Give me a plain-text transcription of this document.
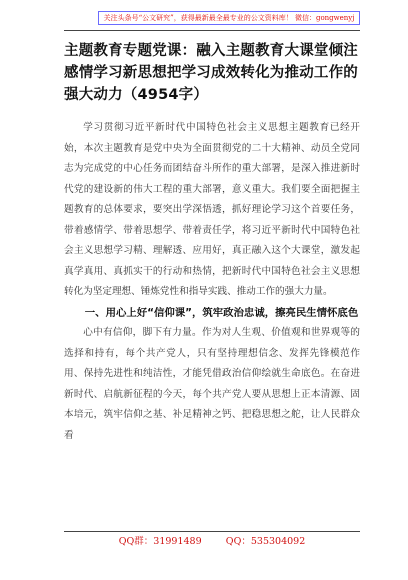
关注头条号“公文研究”，获得最新最全最专业的公文资料库！ 微信：gongwenyj
主题教育专题党课：融入主题教育大课堂倾注感情学习新思想把学习成效转化为推动工作的强大动力（4954字）

学习贯彻习近平新时代中国特色社会主义思想主题教育已经开始，本次主题教育是党中央为全面贯彻党的二十大精神、动员全党同志为完成党的中心任务而团结奋斗所作的重大部署，是深入推进新时代党的建设新的伟大工程的重大部署，意义重大。我们要全面把握主题教育的总体要求，要突出学深悟透，抓好理论学习这个首要任务，带着感情学、带着思想学、带着责任学，将习近平新时代中国特色社会主义思想学习精、理解透、应用好，真正融入这个大课堂，激发起真学真用、真抓实干的行动和热情，把新时代中国特色社会主义思想转化为坚定理想、锤炼党性和指导实践、推动工作的强大力量。

一、用心上好“信仰课”，筑牢政治忠诚，擦亮民生情怀底色

心中有信仰，脚下有力量。作为对人生观、价值观和世界观等的选择和持有，每个共产党人，只有坚持理想信念、发挥先锋模范作用、保持先进性和纯洁性，才能凭借政治信仰绘就生命底色。在奋进新时代、启航新征程的今天，每个共产党人要从思想上正本清源、固本培元，筑牢信仰之基、补足精神之钙、把稳思想之舵，让人民群众看

QQ群：31991489        QQ：535304092
